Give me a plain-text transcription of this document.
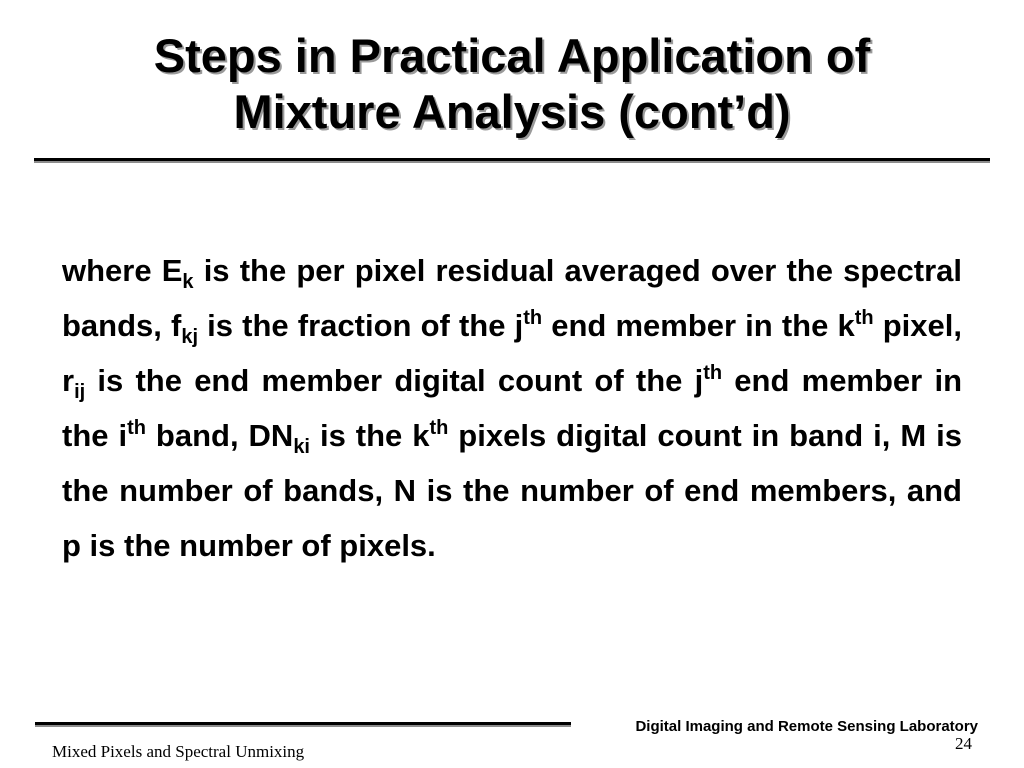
Steps in Practical Application of
Mixture Analysis (cont’d)

where $E_k$ is the per pixel residual averaged over the spectral bands, $f_{kj}$ is the fraction of the $j^{th}$ end member in the $k^{th}$ pixel, $r_{ij}$ is the end member digital count of the $j^{th}$ end member in the $i^{th}$ band, $DN_{ki}$ is the $k^{th}$ pixels digital count in band i, M is the number of bands, N is the number of end members, and p is the number of pixels.

Digital Imaging and Remote Sensing Laboratory
Mixed Pixels and Spectral Unmixing	24
